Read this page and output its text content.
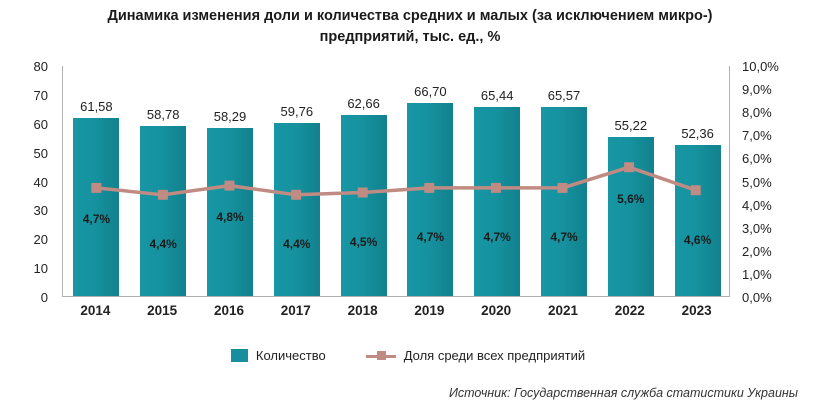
Динамика изменения доли и количества средних и малых (за исключением микро-) предприятий, тыс. ед., %
0
10
20
30
40
50
60
70
80
0,0%
1,0%
2,0%
3,0%
4,0%
5,0%
6,0%
7,0%
8,0%
9,0%
10,0%
61,58
58,78	58,29	59,76
62,66
66,70	65,44	65,57
55,22
52,36
4,7%
4,4%
4,8%
4,4%	4,5%	4,7%	4,7%	4,7%
5,6%
4,6%
2014	2015	2016	2017	2018	2019	2020	2021	2022	2023
Количество	Доля среди всех предприятий
Источник: Государственная служба статистики Украины
